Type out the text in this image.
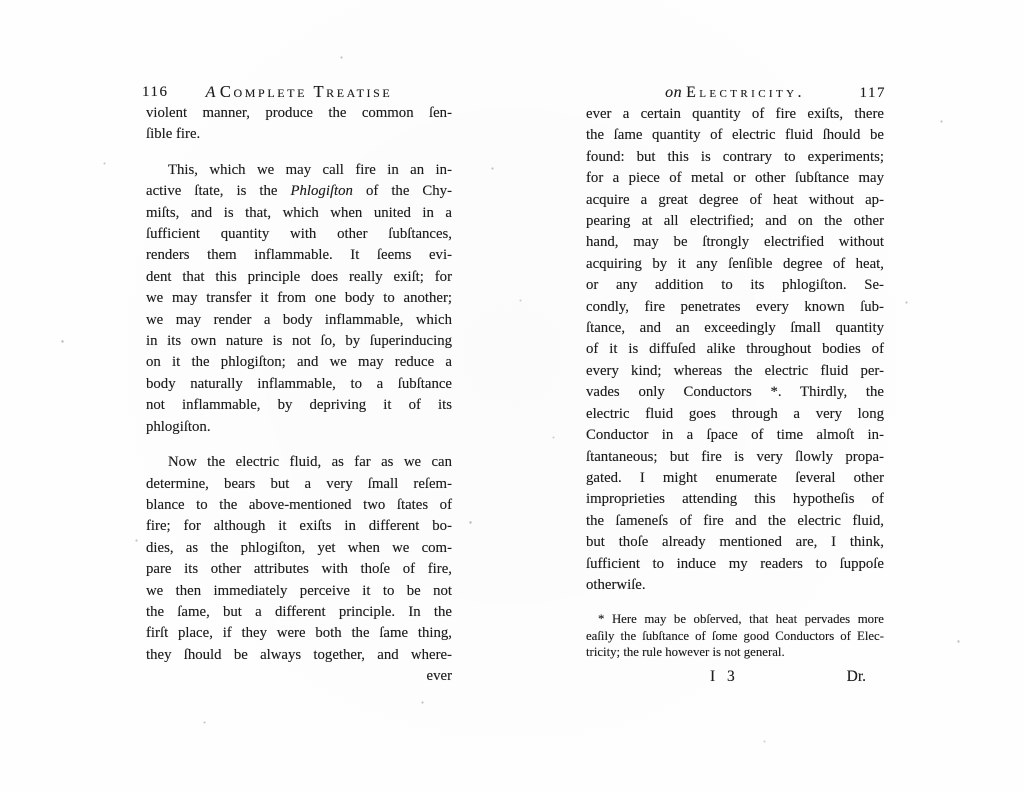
116 A Complete Treatise
violent manner, produce the common ſen-
ſible fire.
This, which we may call fire in an in-
active ſtate, is the Phlogiſton of the Chy-
miſts, and is that, which when united in a
ſufficient quantity with other ſubſtances,
renders them inflammable. It ſeems evi-
dent that this principle does really exiſt; for
we may transfer it from one body to another;
we may render a body inflammable, which
in its own nature is not ſo, by ſuperinducing
on it the phlogiſton; and we may reduce a
body naturally inflammable, to a ſubſtance
not inflammable, by depriving it of its
phlogiſton.
Now the electric fluid, as far as we can
determine, bears but a very ſmall reſem-
blance to the above-mentioned two ſtates of
fire; for although it exiſts in different bo-
dies, as the phlogiſton, yet when we com-
pare its other attributes with thoſe of fire,
we then immediately perceive it to be not
the ſame, but a different principle. In the
firſt place, if they were both the ſame thing,
they ſhould be always together, and where-
ever
on Electricity.	117
ever a certain quantity of fire exiſts, there
the ſame quantity of electric fluid ſhould be
found: but this is contrary to experiments;
for a piece of metal or other ſubſtance may
acquire a great degree of heat without ap-
pearing at all electrified; and on the other
hand, may be ſtrongly electrified without
acquiring by it any ſenſible degree of heat,
or any addition to its phlogiſton. Se-
condly, fire penetrates every known ſub-
ſtance, and an exceedingly ſmall quantity
of it is diffuſed alike throughout bodies of
every kind; whereas the electric fluid per-
vades only Conductors *. Thirdly, the
electric fluid goes through a very long
Conductor in a ſpace of time almoſt in-
ſtantaneous; but fire is very ſlowly propa-
gated. I might enumerate ſeveral other
improprieties attending this hypotheſis of
the ſameneſs of fire and the electric fluid,
but thoſe already mentioned are, I think,
ſufficient to induce my readers to ſuppoſe
otherwiſe.
* Here may be obſerved, that heat pervades more
eaſily the ſubſtance of ſome good Conductors of Elec-
tricity; the rule however is not general.
I 3	Dr.
